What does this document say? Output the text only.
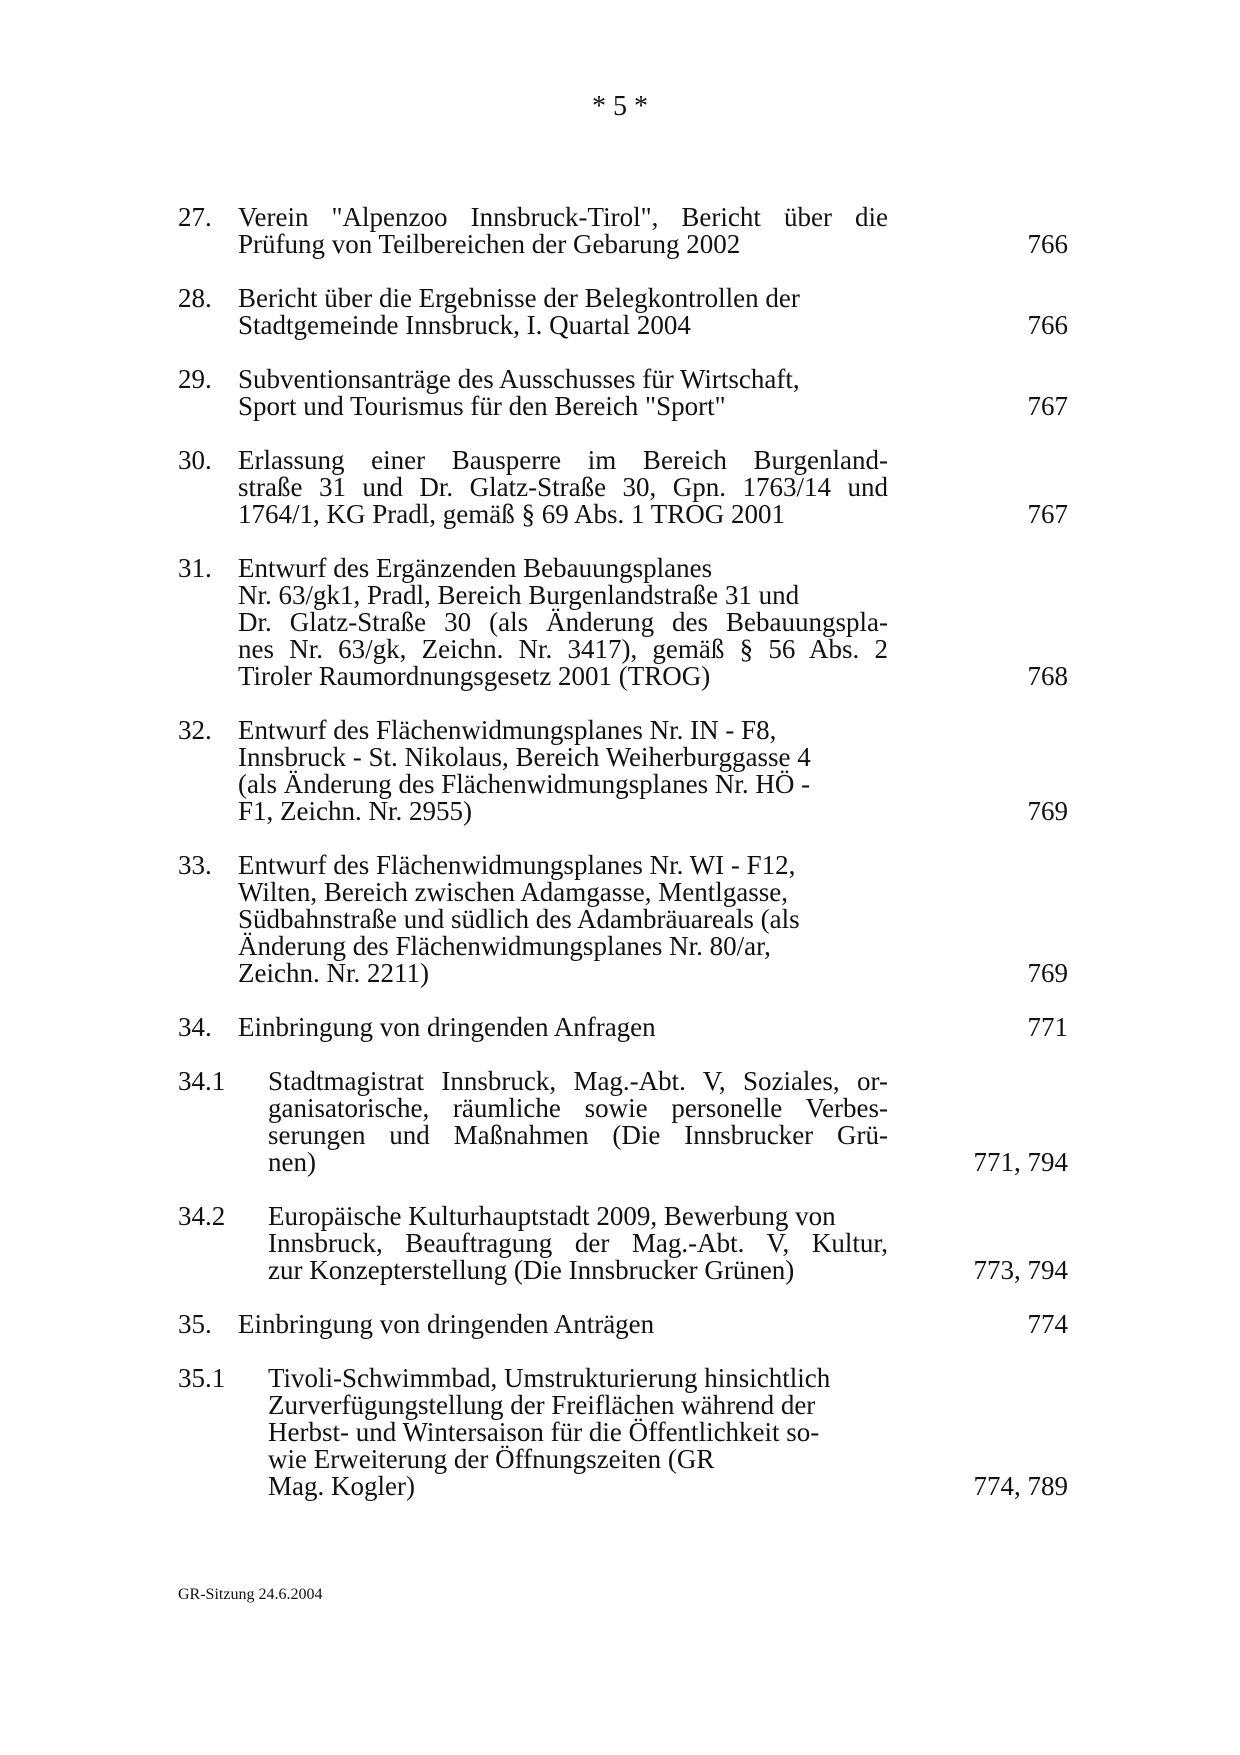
* 5 *
27. Verein "Alpenzoo Innsbruck-Tirol", Bericht über die
Prüfung von Teilbereichen der Gebarung 2002	766
28. Bericht über die Ergebnisse der Belegkontrollen der
Stadtgemeinde Innsbruck, I. Quartal 2004	766
29. Subventionsanträge des Ausschusses für Wirtschaft,
Sport und Tourismus für den Bereich "Sport"	767
30. Erlassung einer Bausperre im Bereich Burgenland-
straße 31 und Dr. Glatz-Straße 30, Gpn. 1763/14 und
1764/1, KG Pradl, gemäß § 69 Abs. 1 TROG 2001	767
31. Entwurf des Ergänzenden Bebauungsplanes
Nr. 63/gk1, Pradl, Bereich Burgenlandstraße 31 und
Dr. Glatz-Straße 30 (als Änderung des Bebauungspla-
nes Nr. 63/gk, Zeichn. Nr. 3417), gemäß § 56 Abs. 2
Tiroler Raumordnungsgesetz 2001 (TROG)	768
32. Entwurf des Flächenwidmungsplanes Nr. IN - F8,
Innsbruck - St. Nikolaus, Bereich Weiherburggasse 4
(als Änderung des Flächenwidmungsplanes Nr. HÖ -
F1, Zeichn. Nr. 2955)	769
33. Entwurf des Flächenwidmungsplanes Nr. WI - F12,
Wilten, Bereich zwischen Adamgasse, Mentlgasse,
Südbahnstraße und südlich des Adambräuareals (als
Änderung des Flächenwidmungsplanes Nr. 80/ar,
Zeichn. Nr. 2211)	769
34. Einbringung von dringenden Anfragen	771
34.1	Stadtmagistrat Innsbruck, Mag.-Abt. V, Soziales, or-
ganisatorische, räumliche sowie personelle Verbes-
serungen und Maßnahmen (Die Innsbrucker Grü-
nen)	771, 794
34.2	Europäische Kulturhauptstadt 2009, Bewerbung von
Innsbruck, Beauftragung der Mag.-Abt. V, Kultur,
zur Konzepterstellung (Die Innsbrucker Grünen)	773, 794
35. Einbringung von dringenden Anträgen	774
35.1	Tivoli-Schwimmbad, Umstrukturierung hinsichtlich
Zurverfügungstellung der Freiflächen während der
Herbst- und Wintersaison für die Öffentlichkeit so-
wie Erweiterung der Öffnungszeiten (GR
Mag. Kogler)	774, 789
GR-Sitzung 24.6.2004
